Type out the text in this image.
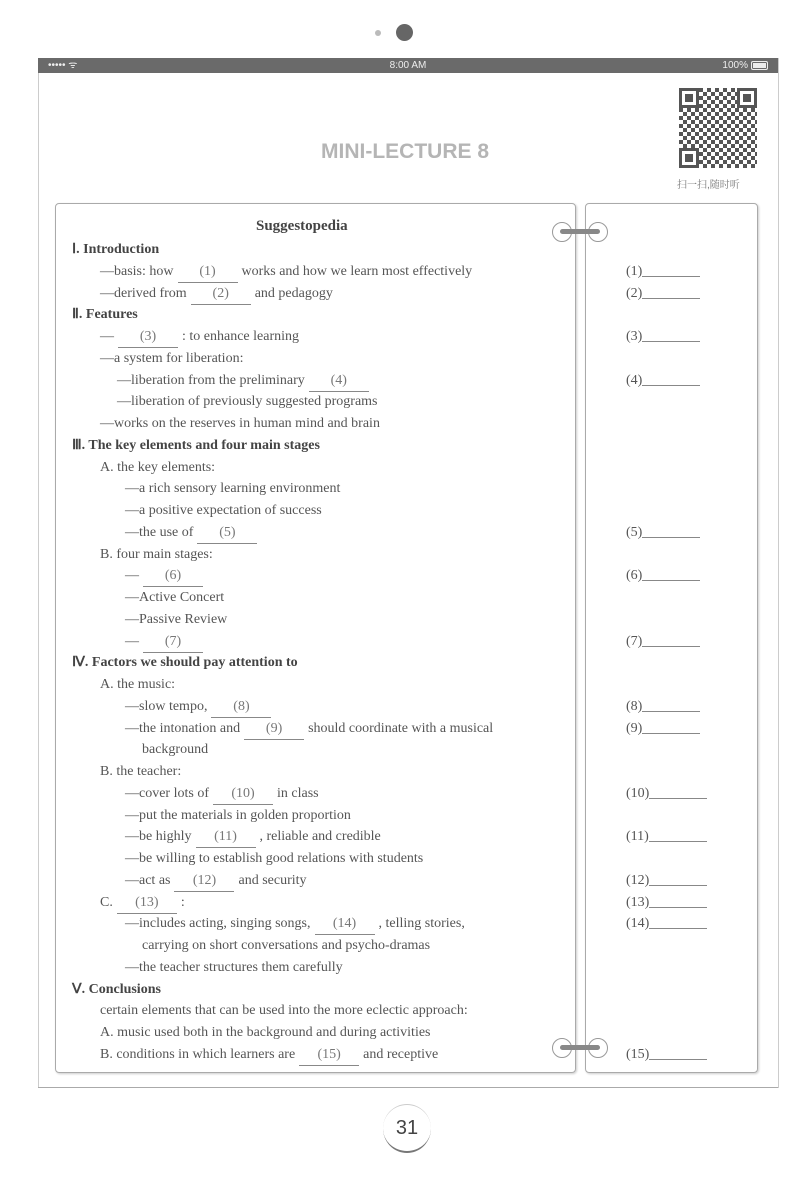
••••• ᯤ	8:00 AM	100%
MINI-LECTURE 8
扫一扫,随时听
Suggestopedia
Ⅰ. Introduction
—basis: how (1) works and how we learn most effectively	(1)
—derived from (2) and pedagogy	(2)
Ⅱ. Features
— (3) : to enhance learning	(3)
—a system for liberation:
—liberation from the preliminary (4)	(4)
—liberation of previously suggested programs
—works on the reserves in human mind and brain
Ⅲ. The key elements and four main stages
A. the key elements:
—a rich sensory learning environment
—a positive expectation of success
—the use of (5)	(5)
B. four main stages:
— (6)	(6)
—Active Concert
—Passive Review
— (7)	(7)
Ⅳ. Factors we should pay attention to
A. the music:
—slow tempo, (8)	(8)
—the intonation and (9) should coordinate with a musical	(9)
background
B. the teacher:
—cover lots of (10) in class	(10)
—put the materials in golden proportion
—be highly (11) , reliable and credible	(11)
—be willing to establish good relations with students
—act as (12) and security	(12)
C. (13) :	(13)
—includes acting, singing songs, (14) , telling stories,	(14)
carrying on short conversations and psycho-dramas
—the teacher structures them carefully
Ⅴ. Conclusions
certain elements that can be used into the more eclectic approach:
A. music used both in the background and during activities
B. conditions in which learners are (15) and receptive	(15)
31
